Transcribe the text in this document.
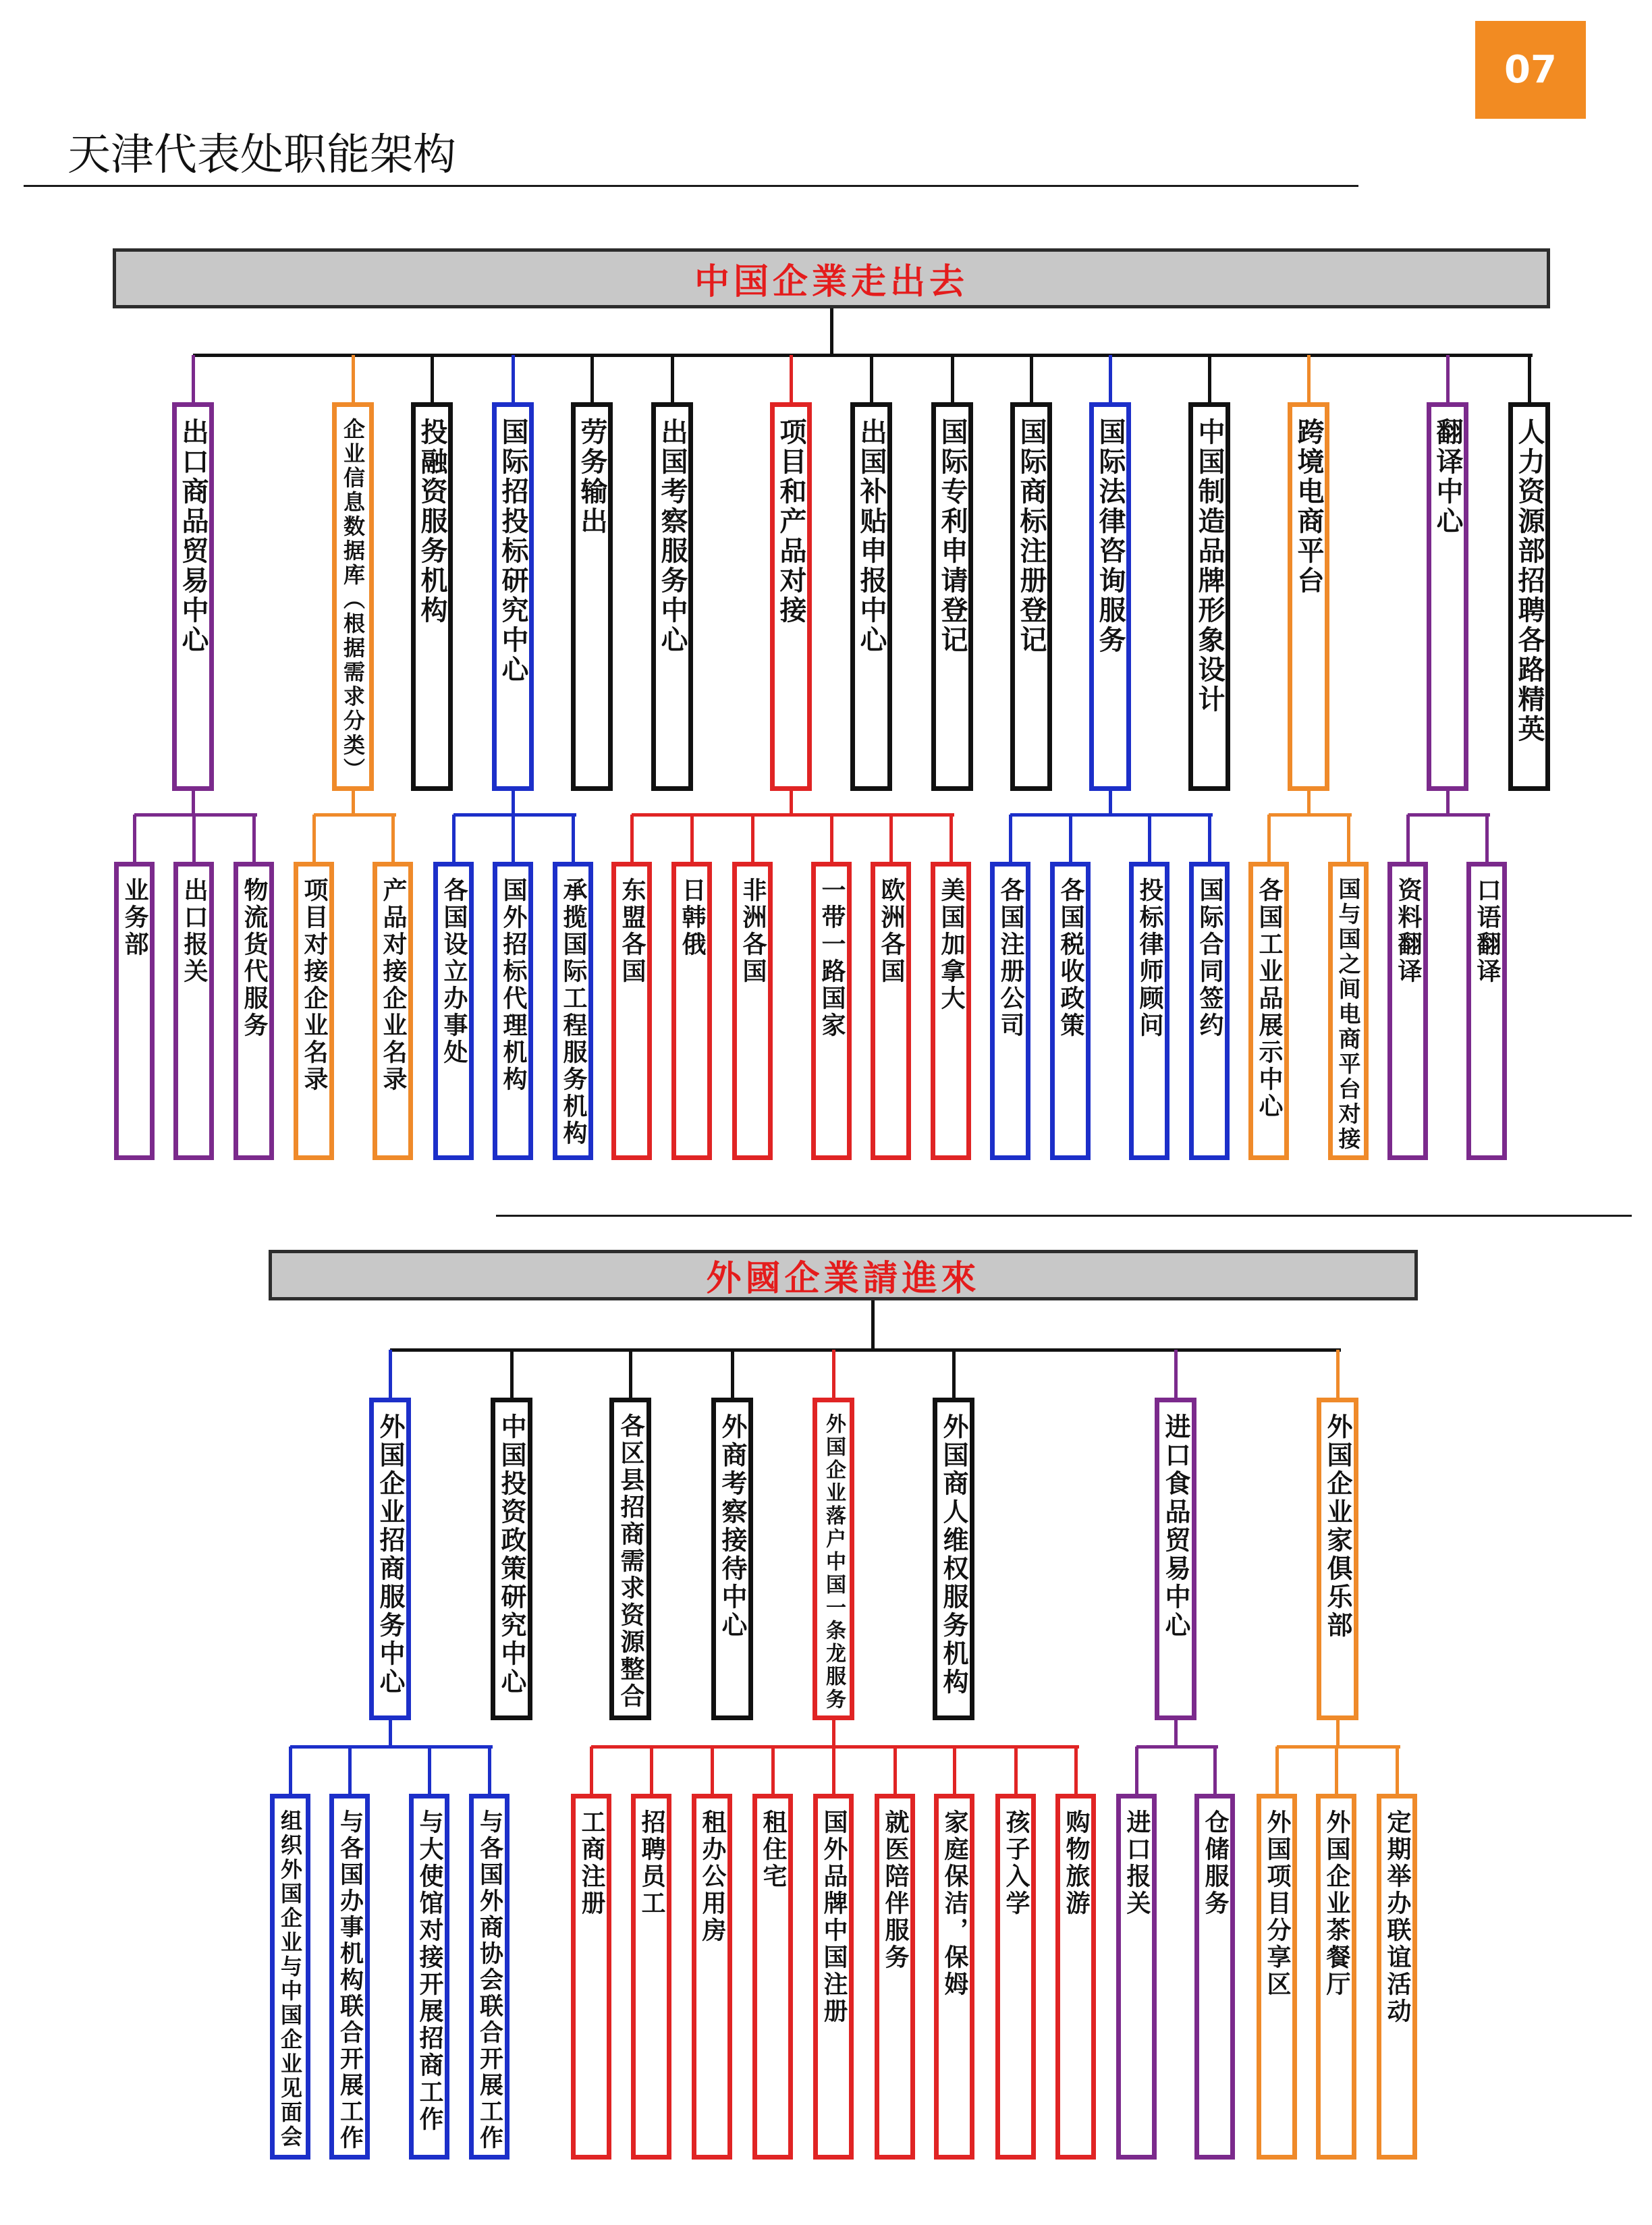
07
天津代表处职能架构
中国企業走出去
外國企業請進來
出口商品贸易中心
业务部 出口报关 物流货代服务
企业信息数据库（根据需求分类）
项目对接企业名录 产品对接企业名录
投融资服务机构 国际招投标研究中心
各国设立办事处 国外招标代理机构 承揽国际工程服务机构
劳务输出 出国考察服务中心	项目和产品对接
东盟各国 日韩俄 非洲各国 一带一路国家 欧洲各国 美国加拿大
出国补贴申报中心 国际专利申请登记 国际商标注册登记 国际法律咨询服务
各国注册公司 各国税收政策 投标律师顾问 国际合同签约
中国制造品牌形象设计	跨境电商平台
各国工业品展示中心 国与国之间电商平台对接
翻译中心
资料翻译 口语翻译
人力资源部招聘各路精英
外国企业招商服务中心
组织外国企业与中国企业见面会 与各国办事机构联合开展工作 与大使馆对接开展招商工作 与各国外商协会联合开展工作
中国投资政策研究中心	各区县招商需求资源整合	外商考察接待中心	外国企业落户中国一条龙服务
工商注册 招聘员工 租办公用房 租住宅 国外品牌中国注册 就医陪伴服务 家庭保洁，保姆 孩子入学 购物旅游
外国商人维权服务机构	进口食品贸易中心
进口报关 仓储服务
外国企业家俱乐部
外国项目分享区 外国企业茶餐厅 定期举办联谊活动
